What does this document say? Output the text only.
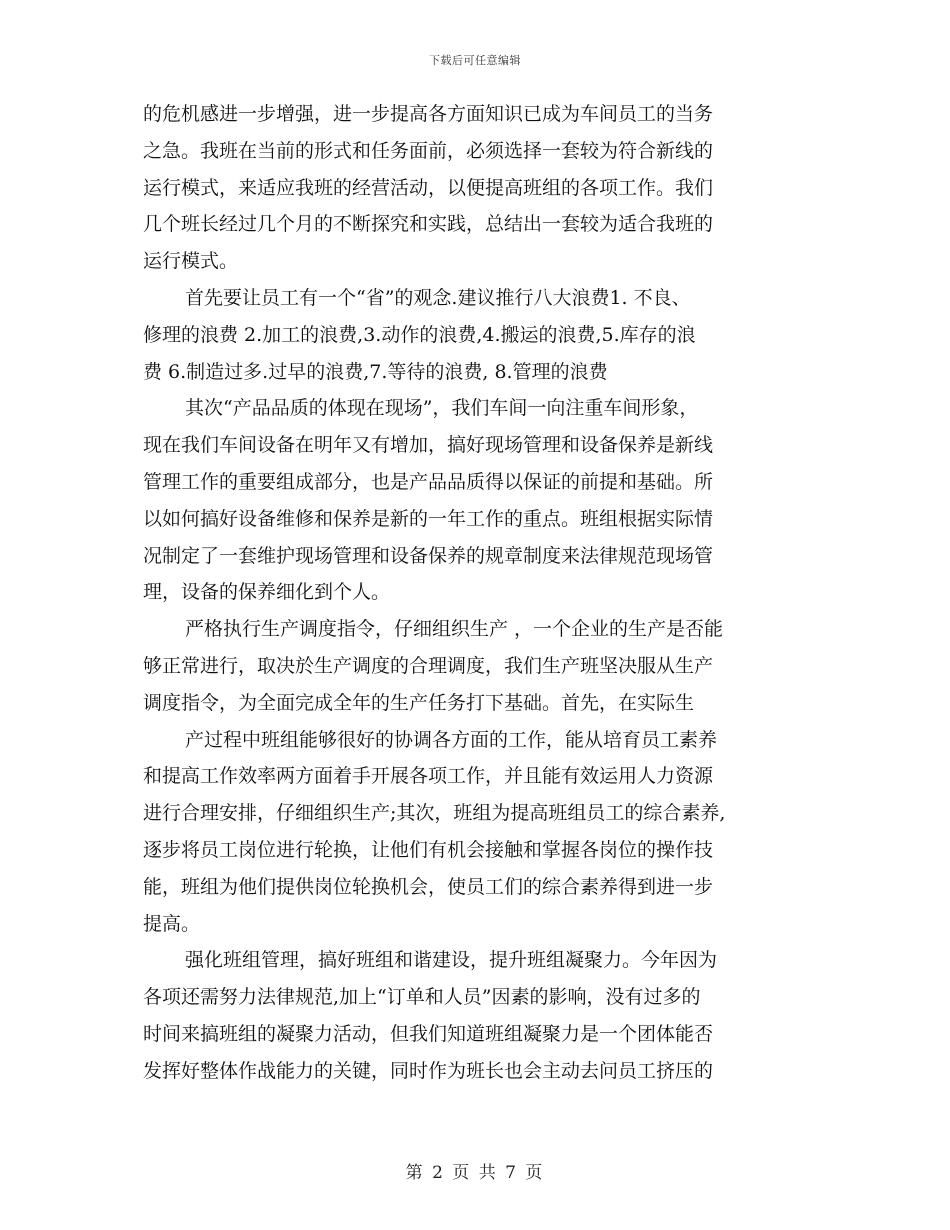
下载后可任意编辑
的危机感进一步增强，进一步提高各方面知识已成为车间员工的当务
之急。我班在当前的形式和任务面前，必须选择一套较为符合新线的
运行模式，来适应我班的经营活动，以便提高班组的各项工作。我们
几个班长经过几个月的不断探究和实践，总结出一套较为适合我班的
运行模式。
首先要让员工有一个“省”的观念.建议推行八大浪费1. 不良、
修理的浪费 2.加工的浪费,3.动作的浪费,4.搬运的浪费,5.库存的浪
费 6.制造过多.过早的浪费,7.等待的浪费, 8.管理的浪费
其次“产品品质的体现在现场”，我们车间一向注重车间形象，
现在我们车间设备在明年又有增加，搞好现场管理和设备保养是新线
管理工作的重要组成部分，也是产品品质得以保证的前提和基础。所
以如何搞好设备维修和保养是新的一年工作的重点。班组根据实际情
况制定了一套维护现场管理和设备保养的规章制度来法律规范现场管
理，设备的保养细化到个人。
严格执行生产调度指令，仔细组织生产 ，一个企业的生产是否能
够正常进行，取决於生产调度的合理调度，我们生产班坚决服从生产
调度指令，为全面完成全年的生产任务打下基础。首先，在实际生
产过程中班组能够很好的协调各方面的工作，能从培育员工素养
和提高工作效率两方面着手开展各项工作，并且能有效运用人力资源
进行合理安排，仔细组织生产;其次，班组为提高班组员工的综合素养,
逐步将员工岗位进行轮换，让他们有机会接触和掌握各岗位的操作技
能，班组为他们提供岗位轮换机会，使员工们的综合素养得到进一步
提高。
强化班组管理，搞好班组和谐建设，提升班组凝聚力。今年因为
各项还需努力法律规范,加上“订单和人员”因素的影响，没有过多的
时间来搞班组的凝聚力活动，但我们知道班组凝聚力是一个团体能否
发挥好整体作战能力的关键，同时作为班长也会主动去问员工挤压的
第 2 页 共 7 页
